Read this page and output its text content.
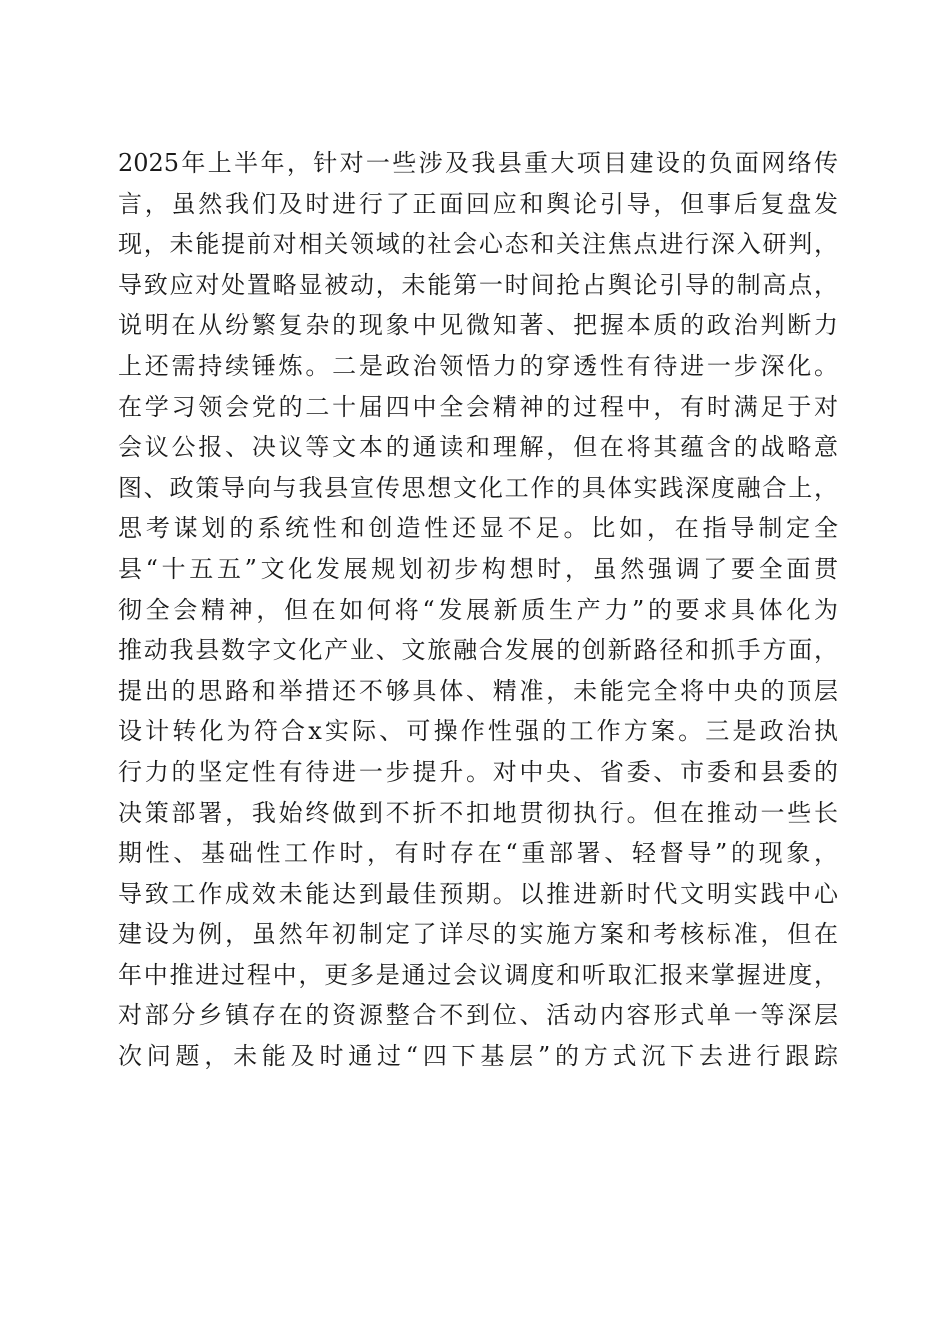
2025年上半年，针对一些涉及我县重大项目建设的负面网络传
言，虽然我们及时进行了正面回应和舆论引导，但事后复盘发
现，未能提前对相关领域的社会心态和关注焦点进行深入研判，
导致应对处置略显被动，未能第一时间抢占舆论引导的制高点，
说明在从纷繁复杂的现象中见微知著、把握本质的政治判断力
上还需持续锤炼。二是政治领悟力的穿透性有待进一步深化。
在学习领会党的二十届四中全会精神的过程中，有时满足于对
会议公报、决议等文本的通读和理解，但在将其蕴含的战略意
图、政策导向与我县宣传思想文化工作的具体实践深度融合上，
思考谋划的系统性和创造性还显不足。比如，在指导制定全
县“十五五”文化发展规划初步构想时，虽然强调了要全面贯
彻全会精神，但在如何将“发展新质生产力”的要求具体化为
推动我县数字文化产业、文旅融合发展的创新路径和抓手方面，
提出的思路和举措还不够具体、精准，未能完全将中央的顶层
设计转化为符合x实际、可操作性强的工作方案。三是政治执
行力的坚定性有待进一步提升。对中央、省委、市委和县委的
决策部署，我始终做到不折不扣地贯彻执行。但在推动一些长
期性、基础性工作时，有时存在“重部署、轻督导”的现象，
导致工作成效未能达到最佳预期。以推进新时代文明实践中心
建设为例，虽然年初制定了详尽的实施方案和考核标准，但在
年中推进过程中，更多是通过会议调度和听取汇报来掌握进度，
对部分乡镇存在的资源整合不到位、活动内容形式单一等深层
次问题，未能及时通过“四下基层”的方式沉下去进行跟踪
